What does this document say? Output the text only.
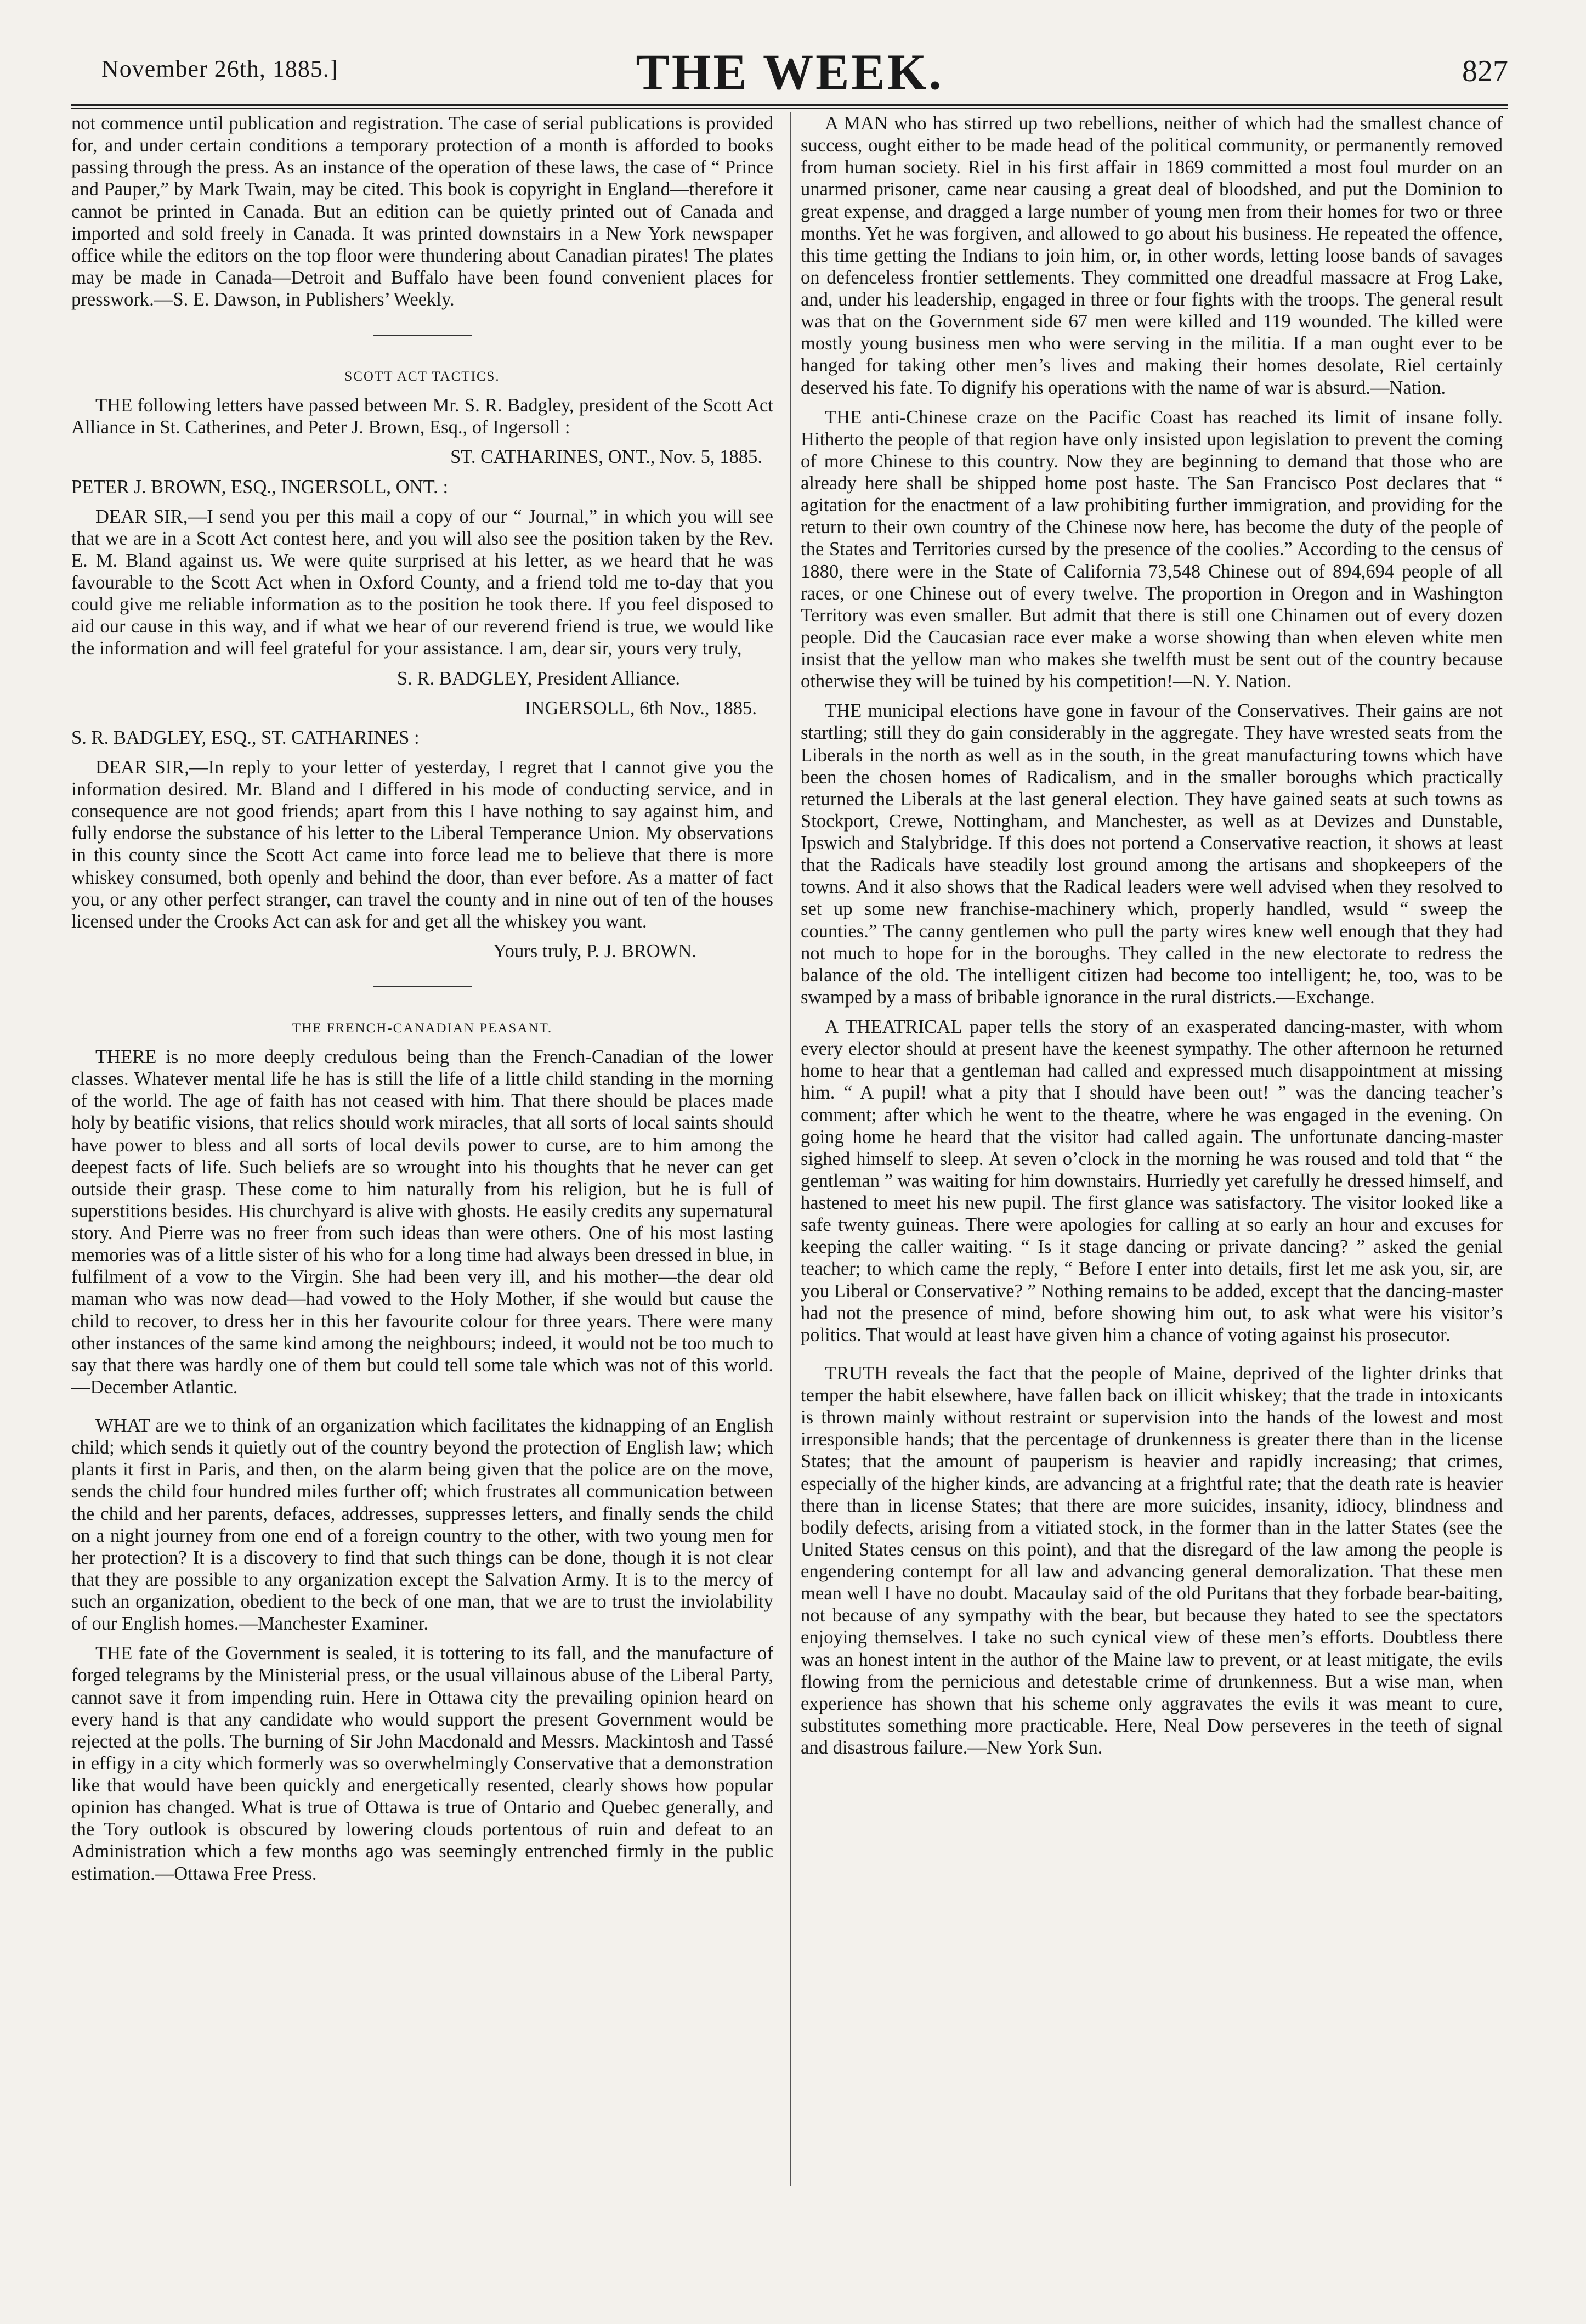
November 26th, 1885.]	THE WEEK.	827

not commence until publication and registration. The case of serial publications is provided for, and under certain conditions a temporary protection of a month is afforded to books passing through the press. As an instance of the operation of these laws, the case of “ Prince and Pauper,” by Mark Twain, may be cited. This book is copyright in England—therefore it cannot be printed in Canada. But an edition can be quietly printed out of Canada and imported and sold freely in Canada. It was printed downstairs in a New York newspaper office while the editors on the top floor were thundering about Canadian pirates! The plates may be made in Canada—Detroit and Buffalo have been found convenient places for presswork.—S. E. Dawson, in Publishers’ Weekly.

SCOTT ACT TACTICS.

THE following letters have passed between Mr. S. R. Badgley, president of the Scott Act Alliance in St. Catherines, and Peter J. Brown, Esq., of Ingersoll :

ST. CATHARINES, ONT., Nov. 5, 1885.

PETER J. BROWN, ESQ., INGERSOLL, ONT. :

DEAR SIR,—I send you per this mail a copy of our “ Journal,” in which you will see that we are in a Scott Act contest here, and you will also see the position taken by the Rev. E. M. Bland against us. We were quite surprised at his letter, as we heard that he was favourable to the Scott Act when in Oxford County, and a friend told me to-day that you could give me reliable information as to the position he took there. If you feel disposed to aid our cause in this way, and if what we hear of our reverend friend is true, we would like the information and will feel grateful for your assistance. I am, dear sir, yours very truly,

S. R. BADGLEY, President Alliance.

INGERSOLL, 6th Nov., 1885.

S. R. BADGLEY, ESQ., ST. CATHARINES :

DEAR SIR,—In reply to your letter of yesterday, I regret that I cannot give you the information desired. Mr. Bland and I differed in his mode of conducting service, and in consequence are not good friends; apart from this I have nothing to say against him, and fully endorse the substance of his letter to the Liberal Temperance Union. My observations in this county since the Scott Act came into force lead me to believe that there is more whiskey consumed, both openly and behind the door, than ever before. As a matter of fact you, or any other perfect stranger, can travel the county and in nine out of ten of the houses licensed under the Crooks Act can ask for and get all the whiskey you want.

Yours truly, P. J. BROWN.

THE FRENCH-CANADIAN PEASANT.

THERE is no more deeply credulous being than the French-Canadian of the lower classes. Whatever mental life he has is still the life of a little child standing in the morning of the world. The age of faith has not ceased with him. That there should be places made holy by beatific visions, that relics should work miracles, that all sorts of local saints should have power to bless and all sorts of local devils power to curse, are to him among the deepest facts of life. Such beliefs are so wrought into his thoughts that he never can get outside their grasp. These come to him naturally from his religion, but he is full of superstitions besides. His churchyard is alive with ghosts. He easily credits any supernatural story. And Pierre was no freer from such ideas than were others. One of his most lasting memories was of a little sister of his who for a long time had always been dressed in blue, in fulfilment of a vow to the Virgin. She had been very ill, and his mother—the dear old maman who was now dead—had vowed to the Holy Mother, if she would but cause the child to recover, to dress her in this her favourite colour for three years. There were many other instances of the same kind among the neighbours; indeed, it would not be too much to say that there was hardly one of them but could tell some tale which was not of this world.—December Atlantic.

WHAT are we to think of an organization which facilitates the kidnapping of an English child; which sends it quietly out of the country beyond the protection of English law; which plants it first in Paris, and then, on the alarm being given that the police are on the move, sends the child four hundred miles further off; which frustrates all communication between the child and her parents, defaces, addresses, suppresses letters, and finally sends the child on a night journey from one end of a foreign country to the other, with two young men for her protection? It is a discovery to find that such things can be done, though it is not clear that they are possible to any organization except the Salvation Army. It is to the mercy of such an organization, obedient to the beck of one man, that we are to trust the inviolability of our English homes.—Manchester Examiner.

THE fate of the Government is sealed, it is tottering to its fall, and the manufacture of forged telegrams by the Ministerial press, or the usual villainous abuse of the Liberal Party, cannot save it from impending ruin. Here in Ottawa city the prevailing opinion heard on every hand is that any candidate who would support the present Government would be rejected at the polls. The burning of Sir John Macdonald and Messrs. Mackintosh and Tassé in effigy in a city which formerly was so overwhelmingly Conservative that a demonstration like that would have been quickly and energetically resented, clearly shows how popular opinion has changed. What is true of Ottawa is true of Ontario and Quebec generally, and the Tory outlook is obscured by lowering clouds portentous of ruin and defeat to an Administration which a few months ago was seemingly entrenched firmly in the public estimation.—Ottawa Free Press.

A MAN who has stirred up two rebellions, neither of which had the smallest chance of success, ought either to be made head of the political community, or permanently removed from human society. Riel in his first affair in 1869 committed a most foul murder on an unarmed prisoner, came near causing a great deal of bloodshed, and put the Dominion to great expense, and dragged a large number of young men from their homes for two or three months. Yet he was forgiven, and allowed to go about his business. He repeated the offence, this time getting the Indians to join him, or, in other words, letting loose bands of savages on defenceless frontier settlements. They committed one dreadful massacre at Frog Lake, and, under his leadership, engaged in three or four fights with the troops. The general result was that on the Government side 67 men were killed and 119 wounded. The killed were mostly young business men who were serving in the militia. If a man ought ever to be hanged for taking other men’s lives and making their homes desolate, Riel certainly deserved his fate. To dignify his operations with the name of war is absurd.—Nation.

THE anti-Chinese craze on the Pacific Coast has reached its limit of insane folly. Hitherto the people of that region have only insisted upon legislation to prevent the coming of more Chinese to this country. Now they are beginning to demand that those who are already here shall be shipped home post haste. The San Francisco Post declares that “ agitation for the enactment of a law prohibiting further immigration, and providing for the return to their own country of the Chinese now here, has become the duty of the people of the States and Territories cursed by the presence of the coolies.” According to the census of 1880, there were in the State of California 73,548 Chinese out of 894,694 people of all races, or one Chinese out of every twelve. The proportion in Oregon and in Washington Territory was even smaller. But admit that there is still one Chinamen out of every dozen people. Did the Caucasian race ever make a worse showing than when eleven white men insist that the yellow man who makes she twelfth must be sent out of the country because otherwise they will be tuined by his competition!—N. Y. Nation.

THE municipal elections have gone in favour of the Conservatives. Their gains are not startling; still they do gain considerably in the aggregate. They have wrested seats from the Liberals in the north as well as in the south, in the great manufacturing towns which have been the chosen homes of Radicalism, and in the smaller boroughs which practically returned the Liberals at the last general election. They have gained seats at such towns as Stockport, Crewe, Nottingham, and Manchester, as well as at Devizes and Dunstable, Ipswich and Stalybridge. If this does not portend a Conservative reaction, it shows at least that the Radicals have steadily lost ground among the artisans and shopkeepers of the towns. And it also shows that the Radical leaders were well advised when they resolved to set up some new franchise-machinery which, properly handled, wsuld “ sweep the counties.” The canny gentlemen who pull the party wires knew well enough that they had not much to hope for in the boroughs. They called in the new electorate to redress the balance of the old. The intelligent citizen had become too intelligent; he, too, was to be swamped by a mass of bribable ignorance in the rural districts.—Exchange.

A THEATRICAL paper tells the story of an exasperated dancing-master, with whom every elector should at present have the keenest sympathy. The other afternoon he returned home to hear that a gentleman had called and expressed much disappointment at missing him. “ A pupil! what a pity that I should have been out! ” was the dancing teacher’s comment; after which he went to the theatre, where he was engaged in the evening. On going home he heard that the visitor had called again. The unfortunate dancing-master sighed himself to sleep. At seven o’clock in the morning he was roused and told that “ the gentleman ” was waiting for him downstairs. Hurriedly yet carefully he dressed himself, and hastened to meet his new pupil. The first glance was satisfactory. The visitor looked like a safe twenty guineas. There were apologies for calling at so early an hour and excuses for keeping the caller waiting. “ Is it stage dancing or private dancing? ” asked the genial teacher; to which came the reply, “ Before I enter into details, first let me ask you, sir, are you Liberal or Conservative? ” Nothing remains to be added, except that the dancing-master had not the presence of mind, before showing him out, to ask what were his visitor’s politics. That would at least have given him a chance of voting against his prosecutor.

TRUTH reveals the fact that the people of Maine, deprived of the lighter drinks that temper the habit elsewhere, have fallen back on illicit whiskey; that the trade in intoxicants is thrown mainly without restraint or supervision into the hands of the lowest and most irresponsible hands; that the percentage of drunkenness is greater there than in the license States; that the amount of pauperism is heavier and rapidly increasing; that crimes, especially of the higher kinds, are advancing at a frightful rate; that the death rate is heavier there than in license States; that there are more suicides, insanity, idiocy, blindness and bodily defects, arising from a vitiated stock, in the former than in the latter States (see the United States census on this point), and that the disregard of the law among the people is engendering contempt for all law and advancing general demoralization. That these men mean well I have no doubt. Macaulay said of the old Puritans that they forbade bear-baiting, not because of any sympathy with the bear, but because they hated to see the spectators enjoying themselves. I take no such cynical view of these men’s efforts. Doubtless there was an honest intent in the author of the Maine law to prevent, or at least mitigate, the evils flowing from the pernicious and detestable crime of drunkenness. But a wise man, when experience has shown that his scheme only aggravates the evils it was meant to cure, substitutes something more practicable. Here, Neal Dow perseveres in the teeth of signal and disastrous failure.—New York Sun.
